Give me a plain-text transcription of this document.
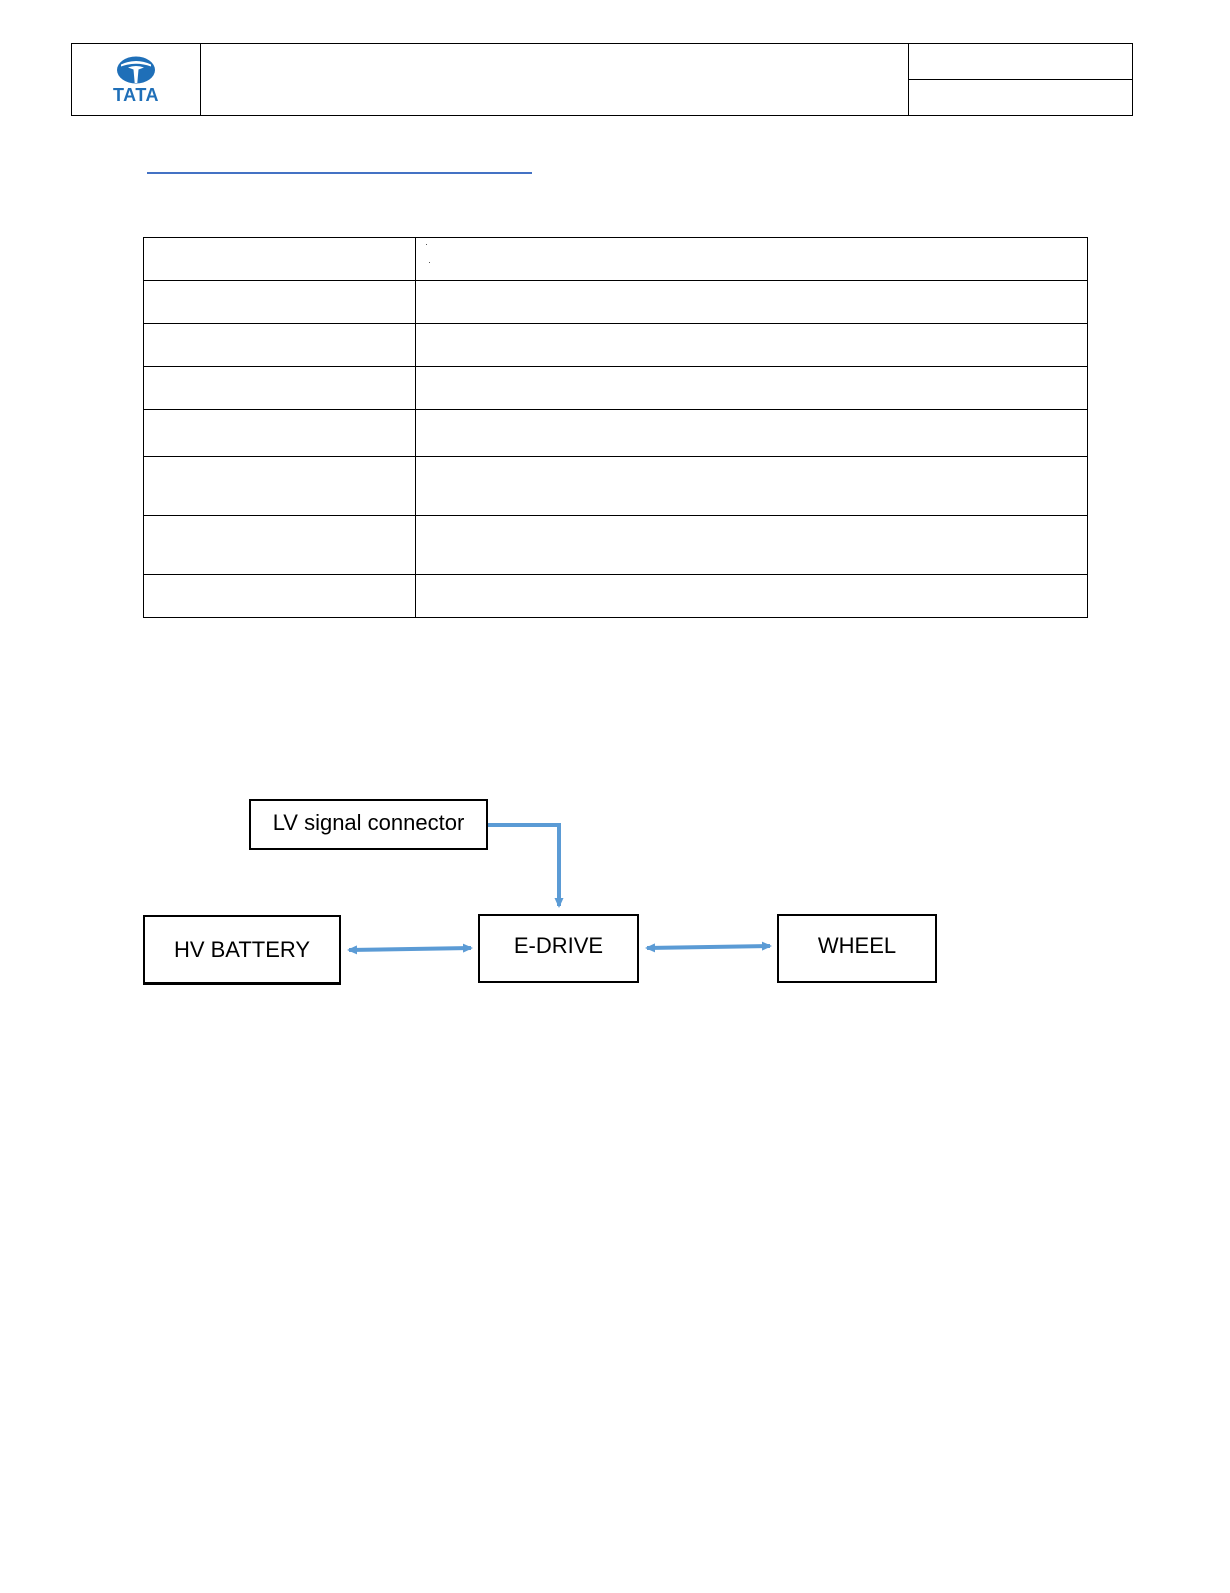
TATA

LV signal connector
HV BATTERY	E-DRIVE	WHEEL
